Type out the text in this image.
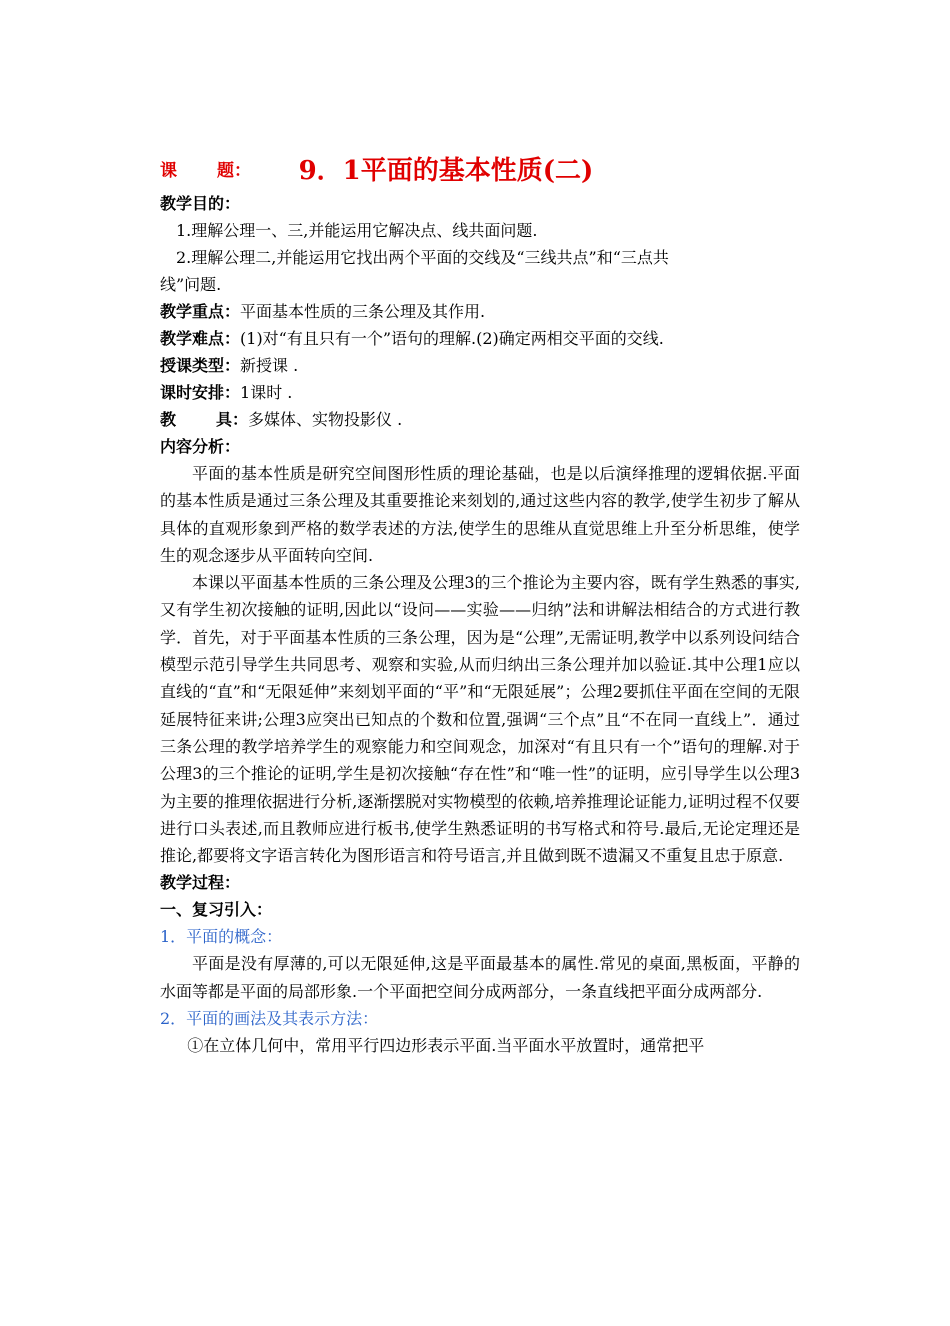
课 题： 9．1平面的基本性质(二)
教学目的：
1.理解公理一、三,并能运用它解决点、线共面问题.
2.理解公理二,并能运用它找出两个平面的交线及“三线共点”和“三点共
线”问题.
教学重点：平面基本性质的三条公理及其作用.
教学难点：(1)对“有且只有一个”语句的理解.(2)确定两相交平面的交线.
授课类型：新授课 .
课时安排：1课时 .
教	具：多媒体、实物投影仪 .
内容分析：

平面的基本性质是研究空间图形性质的理论基础，也是以后演绎推理的逻辑依据.平面的基本性质是通过三条公理及其重要推论来刻划的,通过这些内容的教学,使学生初步了解从具体的直观形象到严格的数学表述的方法,使学生的思维从直觉思维上升至分析思维，使学生的观念逐步从平面转向空间.

本课以平面基本性质的三条公理及公理3的三个推论为主要内容，既有学生熟悉的事实,又有学生初次接触的证明,因此以“设问——实验——归纳”法和讲解法相结合的方式进行教学．首先，对于平面基本性质的三条公理，因为是“公理”,无需证明,教学中以系列设问结合模型示范引导学生共同思考、观察和实验,从而归纳出三条公理并加以验证.其中公理1应以直线的“直”和“无限延伸”来刻划平面的“平”和“无限延展”；公理2要抓住平面在空间的无限延展特征来讲;公理3应突出已知点的个数和位置,强调“三个点”且“不在同一直线上”．通过三条公理的教学培养学生的观察能力和空间观念，加深对“有且只有一个”语句的理解.对于公理3的三个推论的证明,学生是初次接触“存在性”和“唯一性”的证明，应引导学生以公理3为主要的推理依据进行分析,逐渐摆脱对实物模型的依赖,培养推理论证能力,证明过程不仅要进行口头表述,而且教师应进行板书,使学生熟悉证明的书写格式和符号.最后,无论定理还是推论,都要将文字语言转化为图形语言和符号语言,并且做到既不遗漏又不重复且忠于原意.

教学过程：
一、复习引入：
1．平面的概念：

平面是没有厚薄的,可以无限延伸,这是平面最基本的属性.常见的桌面,黑板面，平静的水面等都是平面的局部形象.一个平面把空间分成两部分，一条直线把平面分成两部分.

2．平面的画法及其表示方法：

①在立体几何中，常用平行四边形表示平面.当平面水平放置时，通常把平
